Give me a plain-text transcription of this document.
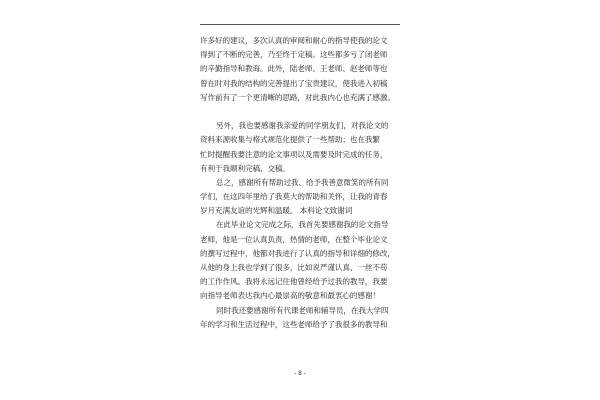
许多好的建议，多次认真的审阅和耐心的指导使我的论文
得到了不断的完善，乃至终于定稿。这些都多亏了闭老师
的辛勤指导和教诲。此外，陆老师、王老师、赵老师等也
曾在时对我的结构的完善提出了宝贵建议，使我进入初稿
写作前有了一个更清晰的思路，对此我内心也充满了感激。
另外，我也要感谢我亲爱的同学朋友们，对我论文的
资料来源收集与格式规范化提供了一些帮助；也在我繁
忙时提醒我要注意的论文事项以及需要及时完成的任务，
有利于我顺利完稿、交稿。
总之，感谢所有帮助过我、给予我善意微笑的所有同
学们，在这四年里给了我莫大的帮助和关怀，让我的青春
岁月充满友谊的光辉和温暖。 本科论文致谢词
在此毕业论文完成之际，我首先要感谢我的论文指导
老师，他是一位认真负责，热情的老师，在整个毕业论文
的撰写过程中，他都对我进行了认真的指导和详细的修改，
从他的身上我也学到了很多，比如说严谨认真、一丝不苟
的工作作风。我将永远记住他曾经给予过我的教导，我要
向指导老师表达我内心最崇高的敬意和最衷心的感谢！
同时我还要感谢所有代课老师和辅导员，在我大学四
年的学习和生活过程中，这些老师给予了我很多的教导和
- 8 -
